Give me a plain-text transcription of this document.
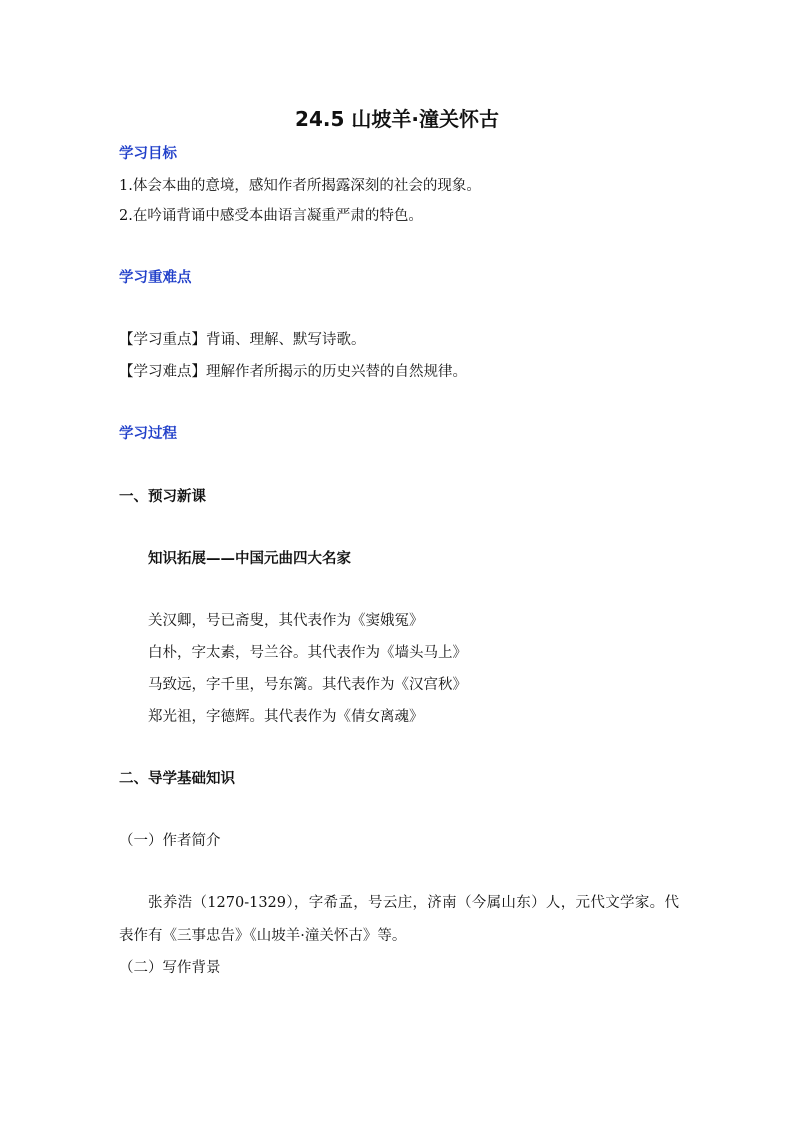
24.5 山坡羊·潼关怀古
学习目标
1.体会本曲的意境，感知作者所揭露深刻的社会的现象。
2.在吟诵背诵中感受本曲语言凝重严肃的特色。
学习重难点
【学习重点】背诵、理解、默写诗歌。
【学习难点】理解作者所揭示的历史兴替的自然规律。
学习过程
一、预习新课
知识拓展——中国元曲四大名家
关汉卿，号已斋叟，其代表作为《窦娥冤》
白朴，字太素，号兰谷。其代表作为《墙头马上》
马致远，字千里，号东篱。其代表作为《汉宫秋》
郑光祖，字德辉。其代表作为《倩女离魂》
二、导学基础知识
（一）作者简介
张养浩（1270-1329），字希孟，号云庄，济南（今属山东）人，元代文学家。代表作有《三事忠告》《山坡羊·潼关怀古》等。
（二）写作背景
